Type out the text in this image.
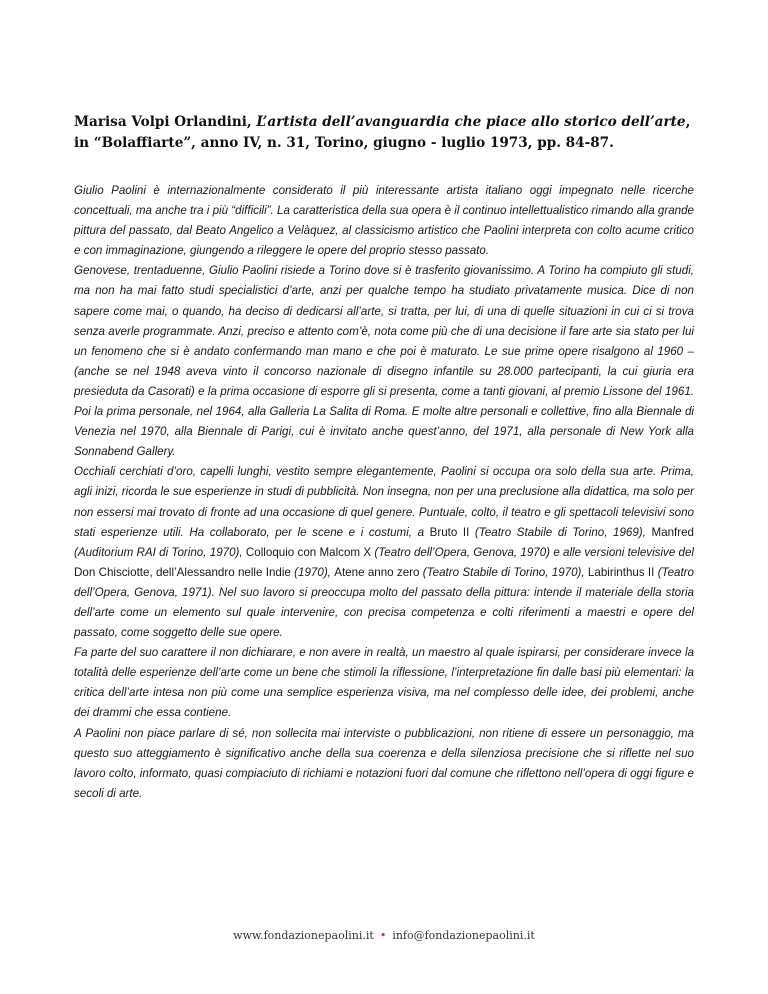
Marisa Volpi Orlandini, L’artista dell’avanguardia che piace allo storico dell’arte,
in “Bolaffiarte”, anno IV, n. 31, Torino, giugno - luglio 1973, pp. 84-87.

Giulio Paolini è internazionalmente considerato il più interessante artista italiano oggi impegnato nelle ricerche concettuali, ma anche tra i più “difficili”. La caratteristica della sua opera è il continuo intellettualistico rimando alla grande pittura del passato, dal Beato Angelico a Velàquez, al classicismo artistico che Paolini interpreta con colto acume critico e con immaginazione, giungendo a rileggere le opere del proprio stesso passato.

Genovese, trentaduenne, Giulio Paolini risiede a Torino dove si è trasferito giovanissimo. A Torino ha compiuto gli studi, ma non ha mai fatto studi specialistici d’arte, anzi per qualche tempo ha studiato privatamente musica. Dice di non sapere come mai, o quando, ha deciso di dedicarsi all’arte, si tratta, per lui, di una di quelle situazioni in cui ci si trova senza averle programmate. Anzi, preciso e attento com’è, nota come più che di una decisione il fare arte sia stato per lui un fenomeno che si è andato confermando man mano e che poi è maturato. Le sue prime opere risalgono al 1960 – (anche se nel 1948 aveva vinto il concorso nazionale di disegno infantile su 28.000 partecipanti, la cui giuria era presieduta da Casorati) e la prima occasione di esporre gli si presenta, come a tanti giovani, al premio Lissone del 1961. Poi la prima personale, nel 1964, alla Galleria La Salita di Roma. E molte altre personali e collettive, fino alla Biennale di Venezia nel 1970, alla Biennale di Parigi, cui è invitato anche quest’anno, del 1971, alla personale di New York alla Sonnabend Gallery.

Occhiali cerchiati d’oro, capelli lunghi, vestito sempre elegantemente, Paolini si occupa ora solo della sua arte. Prima, agli inizi, ricorda le sue esperienze in studi di pubblicità. Non insegna, non per una preclusione alla didattica, ma solo per non essersi mai trovato di fronte ad una occasione di quel genere. Puntuale, colto, il teatro e gli spettacoli televisivi sono stati esperienze utili. Ha collaborato, per le scene e i costumi, a Bruto II (Teatro Stabile di Torino, 1969), Manfred (Auditorium RAI di Torino, 1970), Colloquio con Malcom X (Teatro dell’Opera, Genova, 1970) e alle versioni televisive del Don Chisciotte, dell’Alessandro nelle Indie (1970), Atene anno zero (Teatro Stabile di Torino, 1970), Labirinthus II (Teatro dell’Opera, Genova, 1971). Nel suo lavoro si preoccupa molto del passato della pittura: intende il materiale della storia dell’arte come un elemento sul quale intervenire, con precisa competenza e colti riferimenti a maestri e opere del passato, come soggetto delle sue opere.

Fa parte del suo carattere il non dichiarare, e non avere in realtà, un maestro al quale ispirarsi, per considerare invece la totalità delle esperienze dell’arte come un bene che stimoli la riflessione, l’interpretazione fin dalle basi più elementari: la critica dell’arte intesa non più come una semplice esperienza visiva, ma nel complesso delle idee, dei problemi, anche dei drammi che essa contiene.

A Paolini non piace parlare di sé, non sollecita mai interviste o pubblicazioni, non ritiene di essere un personaggio, ma questo suo atteggiamento è significativo anche della sua coerenza e della silenziosa precisione che si riflette nel suo lavoro colto, informato, quasi compiaciuto di richiami e notazioni fuori dal comune che riflettono nell’opera di oggi figure e secoli di arte.

www.fondazionepaolini.it • info@fondazionepaolini.it
